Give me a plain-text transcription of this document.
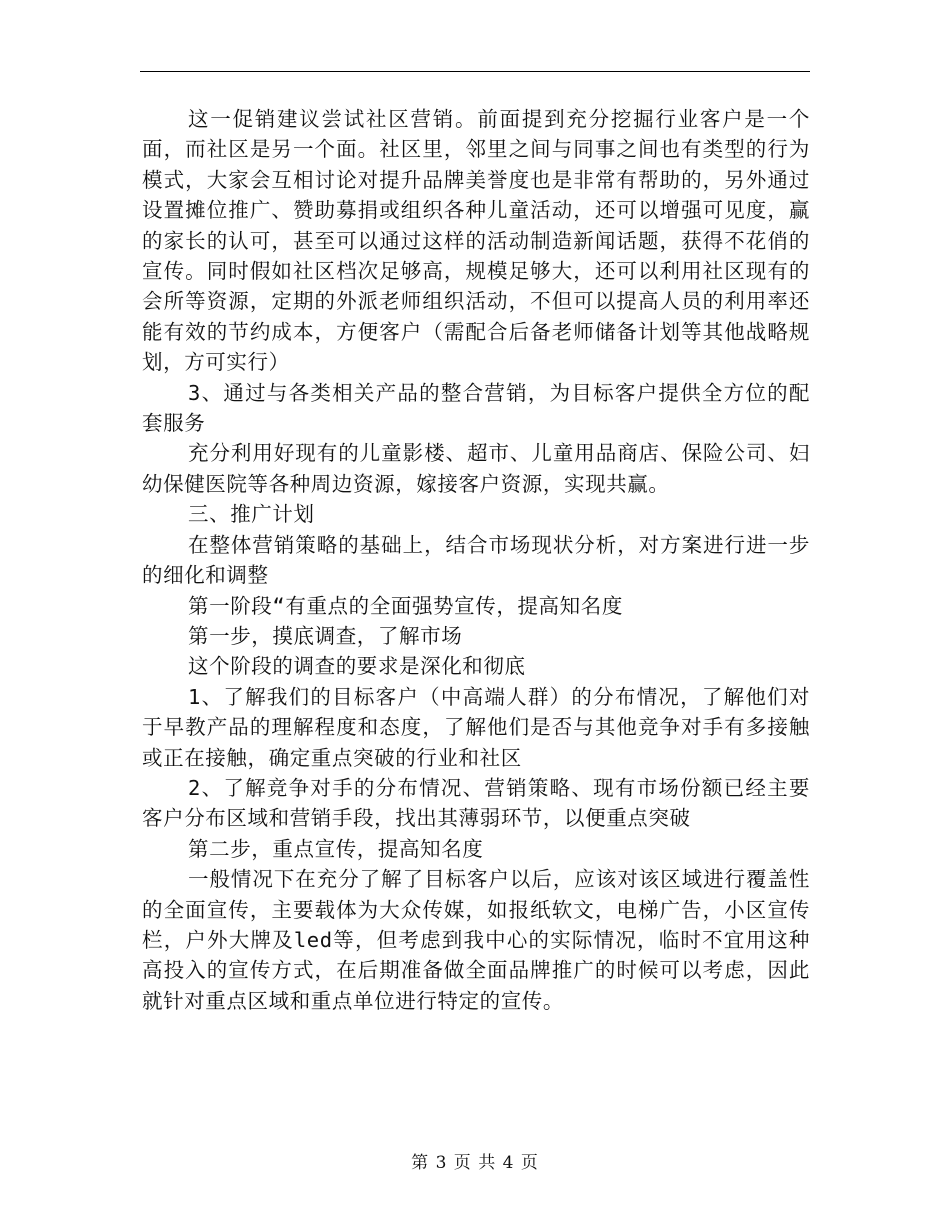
这一促销建议尝试社区营销。前面提到充分挖掘行业客户是一个面，而社区是另一个面。社区里，邻里之间与同事之间也有类型的行为模式，大家会互相讨论对提升品牌美誉度也是非常有帮助的，另外通过设置摊位推广、赞助募捐或组织各种儿童活动，还可以增强可见度，赢的家长的认可，甚至可以通过这样的活动制造新闻话题，获得不花俏的宣传。同时假如社区档次足够高，规模足够大，还可以利用社区现有的会所等资源，定期的外派老师组织活动，不但可以提高人员的利用率还能有效的节约成本，方便客户（需配合后备老师储备计划等其他战略规划，方可实行）

3、通过与各类相关产品的整合营销，为目标客户提供全方位的配套服务

充分利用好现有的儿童影楼、超市、儿童用品商店、保险公司、妇幼保健医院等各种周边资源，嫁接客户资源，实现共赢。

三、推广计划

在整体营销策略的基础上，结合市场现状分析，对方案进行进一步的细化和调整

第一阶段“有重点的全面强势宣传，提高知名度

第一步，摸底调查，了解市场

这个阶段的调查的要求是深化和彻底

1、了解我们的目标客户（中高端人群）的分布情况，了解他们对于早教产品的理解程度和态度，了解他们是否与其他竞争对手有多接触或正在接触，确定重点突破的行业和社区

2、了解竞争对手的分布情况、营销策略、现有市场份额已经主要客户分布区域和营销手段，找出其薄弱环节，以便重点突破

第二步，重点宣传，提高知名度

一般情况下在充分了解了目标客户以后，应该对该区域进行覆盖性的全面宣传，主要载体为大众传媒，如报纸软文，电梯广告，小区宣传栏，户外大牌及led等，但考虑到我中心的实际情况，临时不宜用这种高投入的宣传方式，在后期准备做全面品牌推广的时候可以考虑，因此就针对重点区域和重点单位进行特定的宣传。

第 3 页 共 4 页
